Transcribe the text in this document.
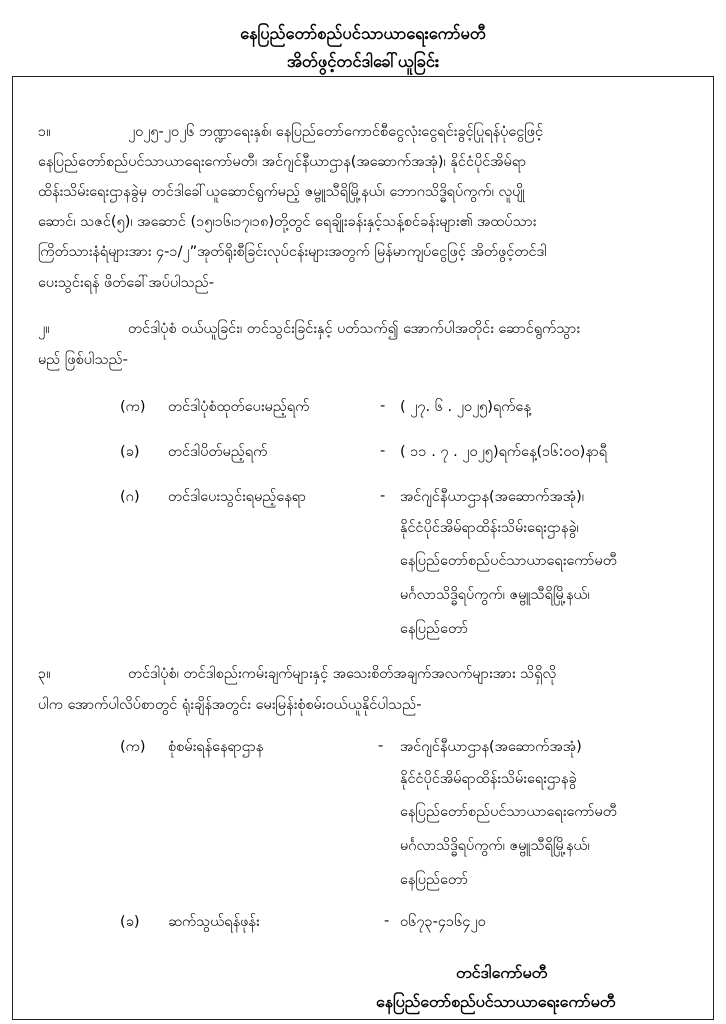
နေပြည်တော်စည်ပင်သာယာရေးကော်မတီ
အိတ်ဖွင့်တင်ဒါခေါ်ယူခြင်း
၁။	၂၀၂၅-၂၀၂၆ ဘဏ္ဍာရေးနှစ်၊ နေပြည်တော်ကောင်စီငွေလုံးငွေရင်းခွင့်ပြုရန်ပုံငွေဖြင့်
နေပြည်တော်စည်ပင်သာယာရေးကော်မတီ၊ အင်ဂျင်နီယာဌာန(အဆောက်အအုံ)၊ နိုင်ငံပိုင်အိမ်ရာ
ထိန်းသိမ်းရေးဌာနခွဲမှ တင်ဒါခေါ်ယူဆောင်ရွက်မည့် ဇမ္ဗူသီရိမြို့နယ်၊ ဘောဂသိဒ္ဓိရပ်ကွက်၊ လူပျို
ဆောင်၊ သဇင်(၅)၊ အဆောင် (၁၅၊၁၆၊၁၇၊၁၈)တို့တွင် ရေချိုးခန်းနှင့်သန့်စင်ခန်းများ၏ အထပ်သား
ကြိတ်သားနံရံများအား ၄-၁/၂”အုတ်ရိုးစီခြင်းလုပ်ငန်းများအတွက် မြန်မာကျပ်ငွေဖြင့် အိတ်ဖွင့်တင်ဒါ
ပေးသွင်းရန် ဖိတ်ခေါ်အပ်ပါသည်-
၂။	တင်ဒါပုံစံ ဝယ်ယူခြင်း၊ တင်သွင်းခြင်းနှင့် ပတ်သက်၍ အောက်ပါအတိုင်း ဆောင်ရွက်သွား
မည် ဖြစ်ပါသည်-
(က) တင်ဒါပုံစံထုတ်ပေးမည့်ရက်	- ( ၂၇. ၆ . ၂၀၂၅)ရက်နေ့
(ခ) တင်ဒါပိတ်မည့်ရက်	- ( ၁၁ . ၇ . ၂၀၂၅)ရက်နေ့(၁၆:၀၀)နာရီ
(ဂ) တင်ဒါပေးသွင်းရမည့်နေရာ	- အင်ဂျင်နီယာဌာန(အဆောက်အအုံ)၊
နိုင်ငံပိုင်အိမ်ရာထိန်းသိမ်းရေးဌာနခွဲ၊
နေပြည်တော်စည်ပင်သာယာရေးကော်မတီ
မင်္ဂလာသိဒ္ဓိရပ်ကွက်၊ ဇမ္ဗူသီရိမြို့နယ်၊
နေပြည်တော်
၃။	တင်ဒါပုံစံ၊ တင်ဒါစည်းကမ်းချက်များနှင့် အသေးစိတ်အချက်အလက်များအား သိရှိလို
ပါက အောက်ပါလိပ်စာတွင် ရုံးချိန်အတွင်း မေးမြန်းစုံစမ်းဝယ်ယူနိုင်ပါသည်-
(က) စုံစမ်းရန်နေရာဌာန	- အင်ဂျင်နီယာဌာန(အဆောက်အအုံ)
နိုင်ငံပိုင်အိမ်ရာထိန်းသိမ်းရေးဌာနခွဲ
နေပြည်တော်စည်ပင်သာယာရေးကော်မတီ
မင်္ဂလာသိဒ္ဓိရပ်ကွက်၊ ဇမ္ဗူသီရိမြို့နယ်၊
နေပြည်တော်
(ခ) ဆက်သွယ်ရန်ဖုန်း	- ၀၆၇၃-၄၁၆၄၂၀
တင်ဒါကော်မတီ
နေပြည်တော်စည်ပင်သာယာရေးကော်မတီ
